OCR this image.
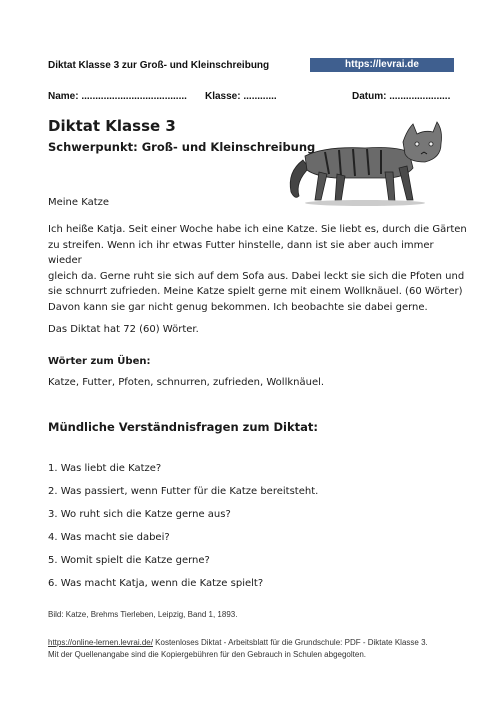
Diktat Klasse 3 zur Groß- und Kleinschreibung	https://levrai.de
Name: ...................................... Klasse: ............	Datum: ......................
Diktat Klasse 3
Schwerpunkt: Groß- und Kleinschreibung
Meine Katze
Ich heiße Katja. Seit einer Woche habe ich eine Katze. Sie liebt es, durch die Gärten
zu streifen. Wenn ich ihr etwas Futter hinstelle, dann ist sie aber auch immer wieder
gleich da. Gerne ruht sie sich auf dem Sofa aus. Dabei leckt sie sich die Pfoten und
sie schnurrt zufrieden. Meine Katze spielt gerne mit einem Wollknäuel. (60 Wörter)
Davon kann sie gar nicht genug bekommen. Ich beobachte sie dabei gerne.
Das Diktat hat 72 (60) Wörter.
Wörter zum Üben:
Katze, Futter, Pfoten, schnurren, zufrieden, Wollknäuel.
Mündliche Verständnisfragen zum Diktat:
1. Was liebt die Katze?
2. Was passiert, wenn Futter für die Katze bereitsteht.
3. Wo ruht sich die Katze gerne aus?
4. Was macht sie dabei?
5. Womit spielt die Katze gerne?
6. Was macht Katja, wenn die Katze spielt?
Bild: Katze, Brehms Tierleben, Leipzig, Band 1, 1893.
https://online-lernen.levrai.de/ Kostenloses Diktat - Arbeitsblatt für die Grundschule: PDF - Diktate Klasse 3.
Mit der Quellenangabe sind die Kopiergebühren für den Gebrauch in Schulen abgegolten.
